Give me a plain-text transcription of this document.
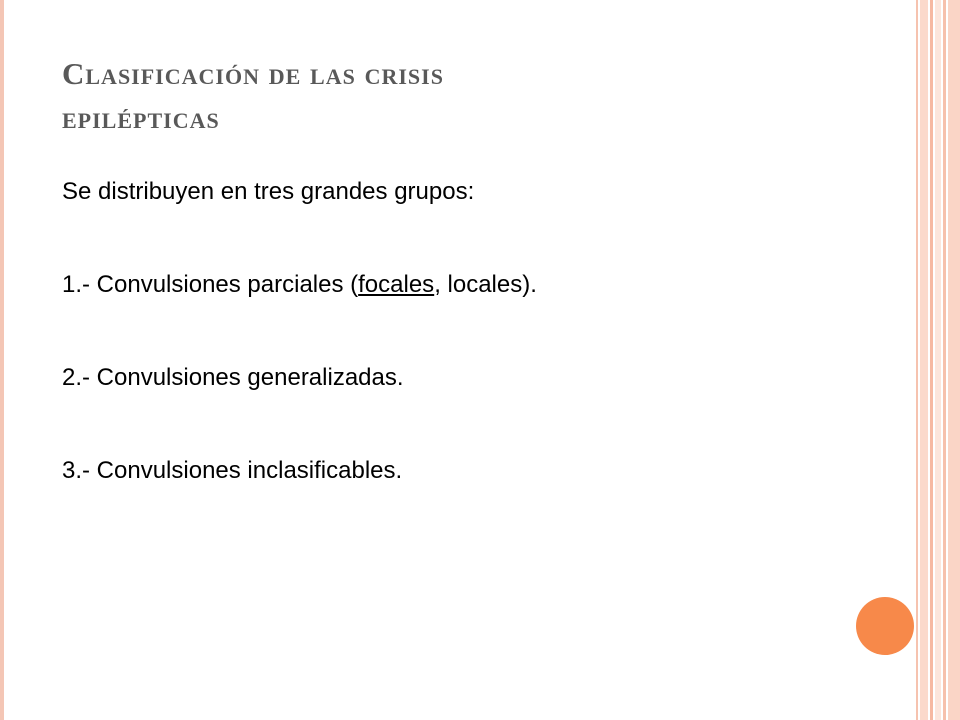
Clasificación de las crisis
epilépticas
Se distribuyen en tres grandes grupos:
1.- Convulsiones parciales (focales, locales).
2.- Convulsiones generalizadas.
3.- Convulsiones inclasificables.
